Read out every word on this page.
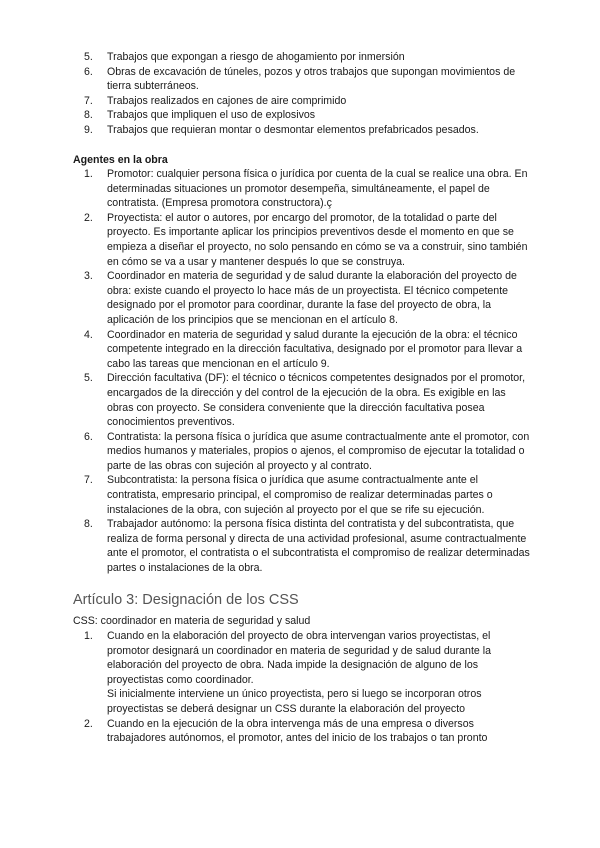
5. Trabajos que expongan a riesgo de ahogamiento por inmersión
6. Obras de excavación de túneles, pozos y otros trabajos que supongan movimientos de tierra subterráneos.
7. Trabajos realizados en cajones de aire comprimido
8. Trabajos que impliquen el uso de explosivos
9. Trabajos que requieran montar o desmontar elementos prefabricados pesados.
Agentes en la obra
1. Promotor: cualquier persona física o jurídica por cuenta de la cual se realice una obra. En determinadas situaciones un promotor desempeña, simultáneamente, el papel de contratista. (Empresa promotora constructora).ç
2. Proyectista: el autor o autores, por encargo del promotor, de la totalidad o parte del proyecto. Es importante aplicar los principios preventivos desde el momento en que se empieza a diseñar el proyecto, no solo pensando en cómo se va a construir, sino también en cómo se va a usar y mantener después lo que se construya.
3. Coordinador en materia de seguridad y de salud durante la elaboración del proyecto de obra: existe cuando el proyecto lo hace más de un proyectista. El técnico competente designado por el promotor para coordinar, durante la fase del proyecto de obra, la aplicación de los principios que se mencionan en el artículo 8.
4. Coordinador en materia de seguridad y salud durante la ejecución de la obra: el técnico competente integrado en la dirección facultativa, designado por el promotor para llevar a cabo las tareas que mencionan en el artículo 9.
5. Dirección facultativa (DF): el técnico o técnicos competentes designados por el promotor, encargados de la dirección y del control de la ejecución de la obra. Es exigible en las obras con proyecto. Se considera conveniente que la dirección facultativa posea conocimientos preventivos.
6. Contratista: la persona física o jurídica que asume contractualmente ante el promotor, con medios humanos y materiales, propios o ajenos, el compromiso de ejecutar la totalidad o parte de las obras con sujeción al proyecto y al contrato.
7. Subcontratista: la persona física o jurídica que asume contractualmente ante el contratista, empresario principal, el compromiso de realizar determinadas partes o instalaciones de la obra, con sujeción al proyecto por el que se rife su ejecución.
8. Trabajador autónomo: la persona física distinta del contratista y del subcontratista, que realiza de forma personal y directa de una actividad profesional, asume contractualmente ante el promotor, el contratista o el subcontratista el compromiso de realizar determinadas partes o instalaciones de la obra.
Artículo 3: Designación de los CSS
CSS: coordinador en materia de seguridad y salud
1. Cuando en la elaboración del proyecto de obra intervengan varios proyectistas, el promotor designará un coordinador en materia de seguridad y de salud durante la elaboración del proyecto de obra. Nada impide la designación de alguno de los proyectistas como coordinador.
Si inicialmente interviene un único proyectista, pero si luego se incorporan otros proyectistas se deberá designar un CSS durante la elaboración del proyecto
2. Cuando en la ejecución de la obra intervenga más de una empresa o diversos trabajadores autónomos, el promotor, antes del inicio de los trabajos o tan pronto
